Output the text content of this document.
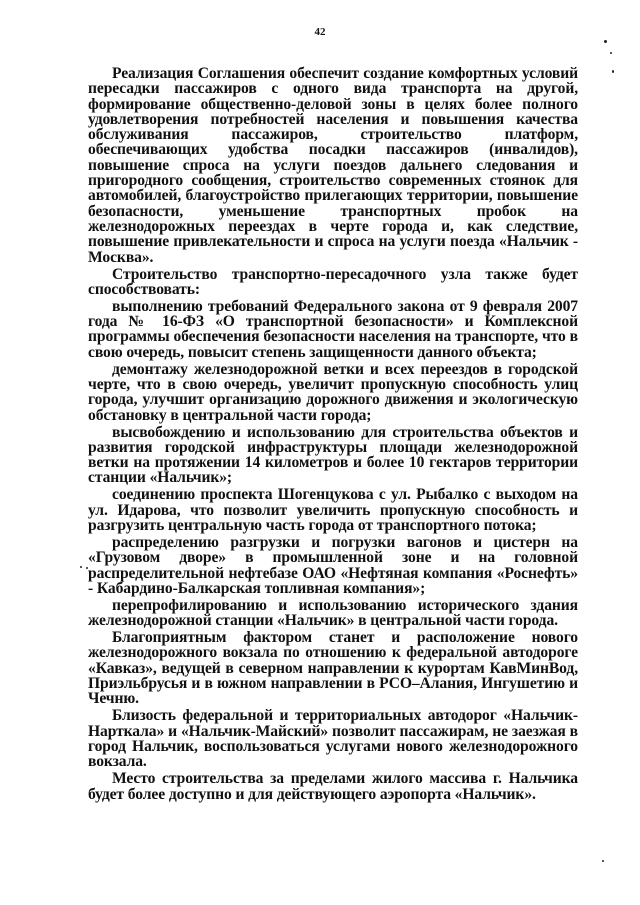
42

Реализация Соглашения обеспечит создание комфортных условий пересадки пассажиров с одного вида транспорта на другой, формирование общественно-деловой зоны в целях более полного удовлетворения потребностей населения и повышения качества обслуживания пассажиров, строительство платформ, обеспечивающих удобства посадки пассажиров (инвалидов), повышение спроса на услуги поездов дальнего следования и пригородного сообщения, строительство современных стоянок для автомобилей, благоустройство прилегающих территории, повышение безопасности, уменьшение транспортных пробок на железнодорожных переездах в черте города и, как следствие, повышение привлекательности и спроса на услуги поезда «Нальчик - Москва».

Строительство транспортно-пересадочного узла также будет способствовать:

выполнению требований Федерального закона от 9 февраля 2007 года № 16-ФЗ «О транспортной безопасности» и Комплексной программы обеспечения безопасности населения на транспорте, что в свою очередь, повысит степень защищенности данного объекта;

демонтажу железнодорожной ветки и всех переездов в городской черте, что в свою очередь, увеличит пропускную способность улиц города, улучшит организацию дорожного движения и экологическую обстановку в центральной части города;

высвобождению и использованию для строительства объектов и развития городской инфраструктуры площади железнодорожной ветки на протяжении 14 километров и более 10 гектаров территории станции «Нальчик»;

соединению проспекта Шогенцукова с ул. Рыбалко с выходом на ул. Идарова, что позволит увеличить пропускную способность и разгрузить центральную часть города от транспортного потока;

распределению разгрузки и погрузки вагонов и цистерн на «Грузовом дворе» в промышленной зоне и на головной распределительной нефтебазе ОАО «Нефтяная компания «Роснефть» - Кабардино-Балкарская топливная компания»;

перепрофилированию и использованию исторического здания железнодорожной станции «Нальчик» в центральной части города.

Благоприятным фактором станет и расположение нового железнодорожного вокзала по отношению к федеральной автодороге «Кавказ», ведущей в северном направлении к курортам КавМинВод, Приэльбрусья и в южном направлении в РСО–Алания, Ингушетию и Чечню.

Близость федеральной и территориальных автодорог «Нальчик-Нарткала» и «Нальчик-Майский» позволит пассажирам, не заезжая в город Нальчик, воспользоваться услугами нового железнодорожного вокзала.

Место строительства за пределами жилого массива г. Нальчика будет более доступно и для действующего аэропорта «Нальчик».
